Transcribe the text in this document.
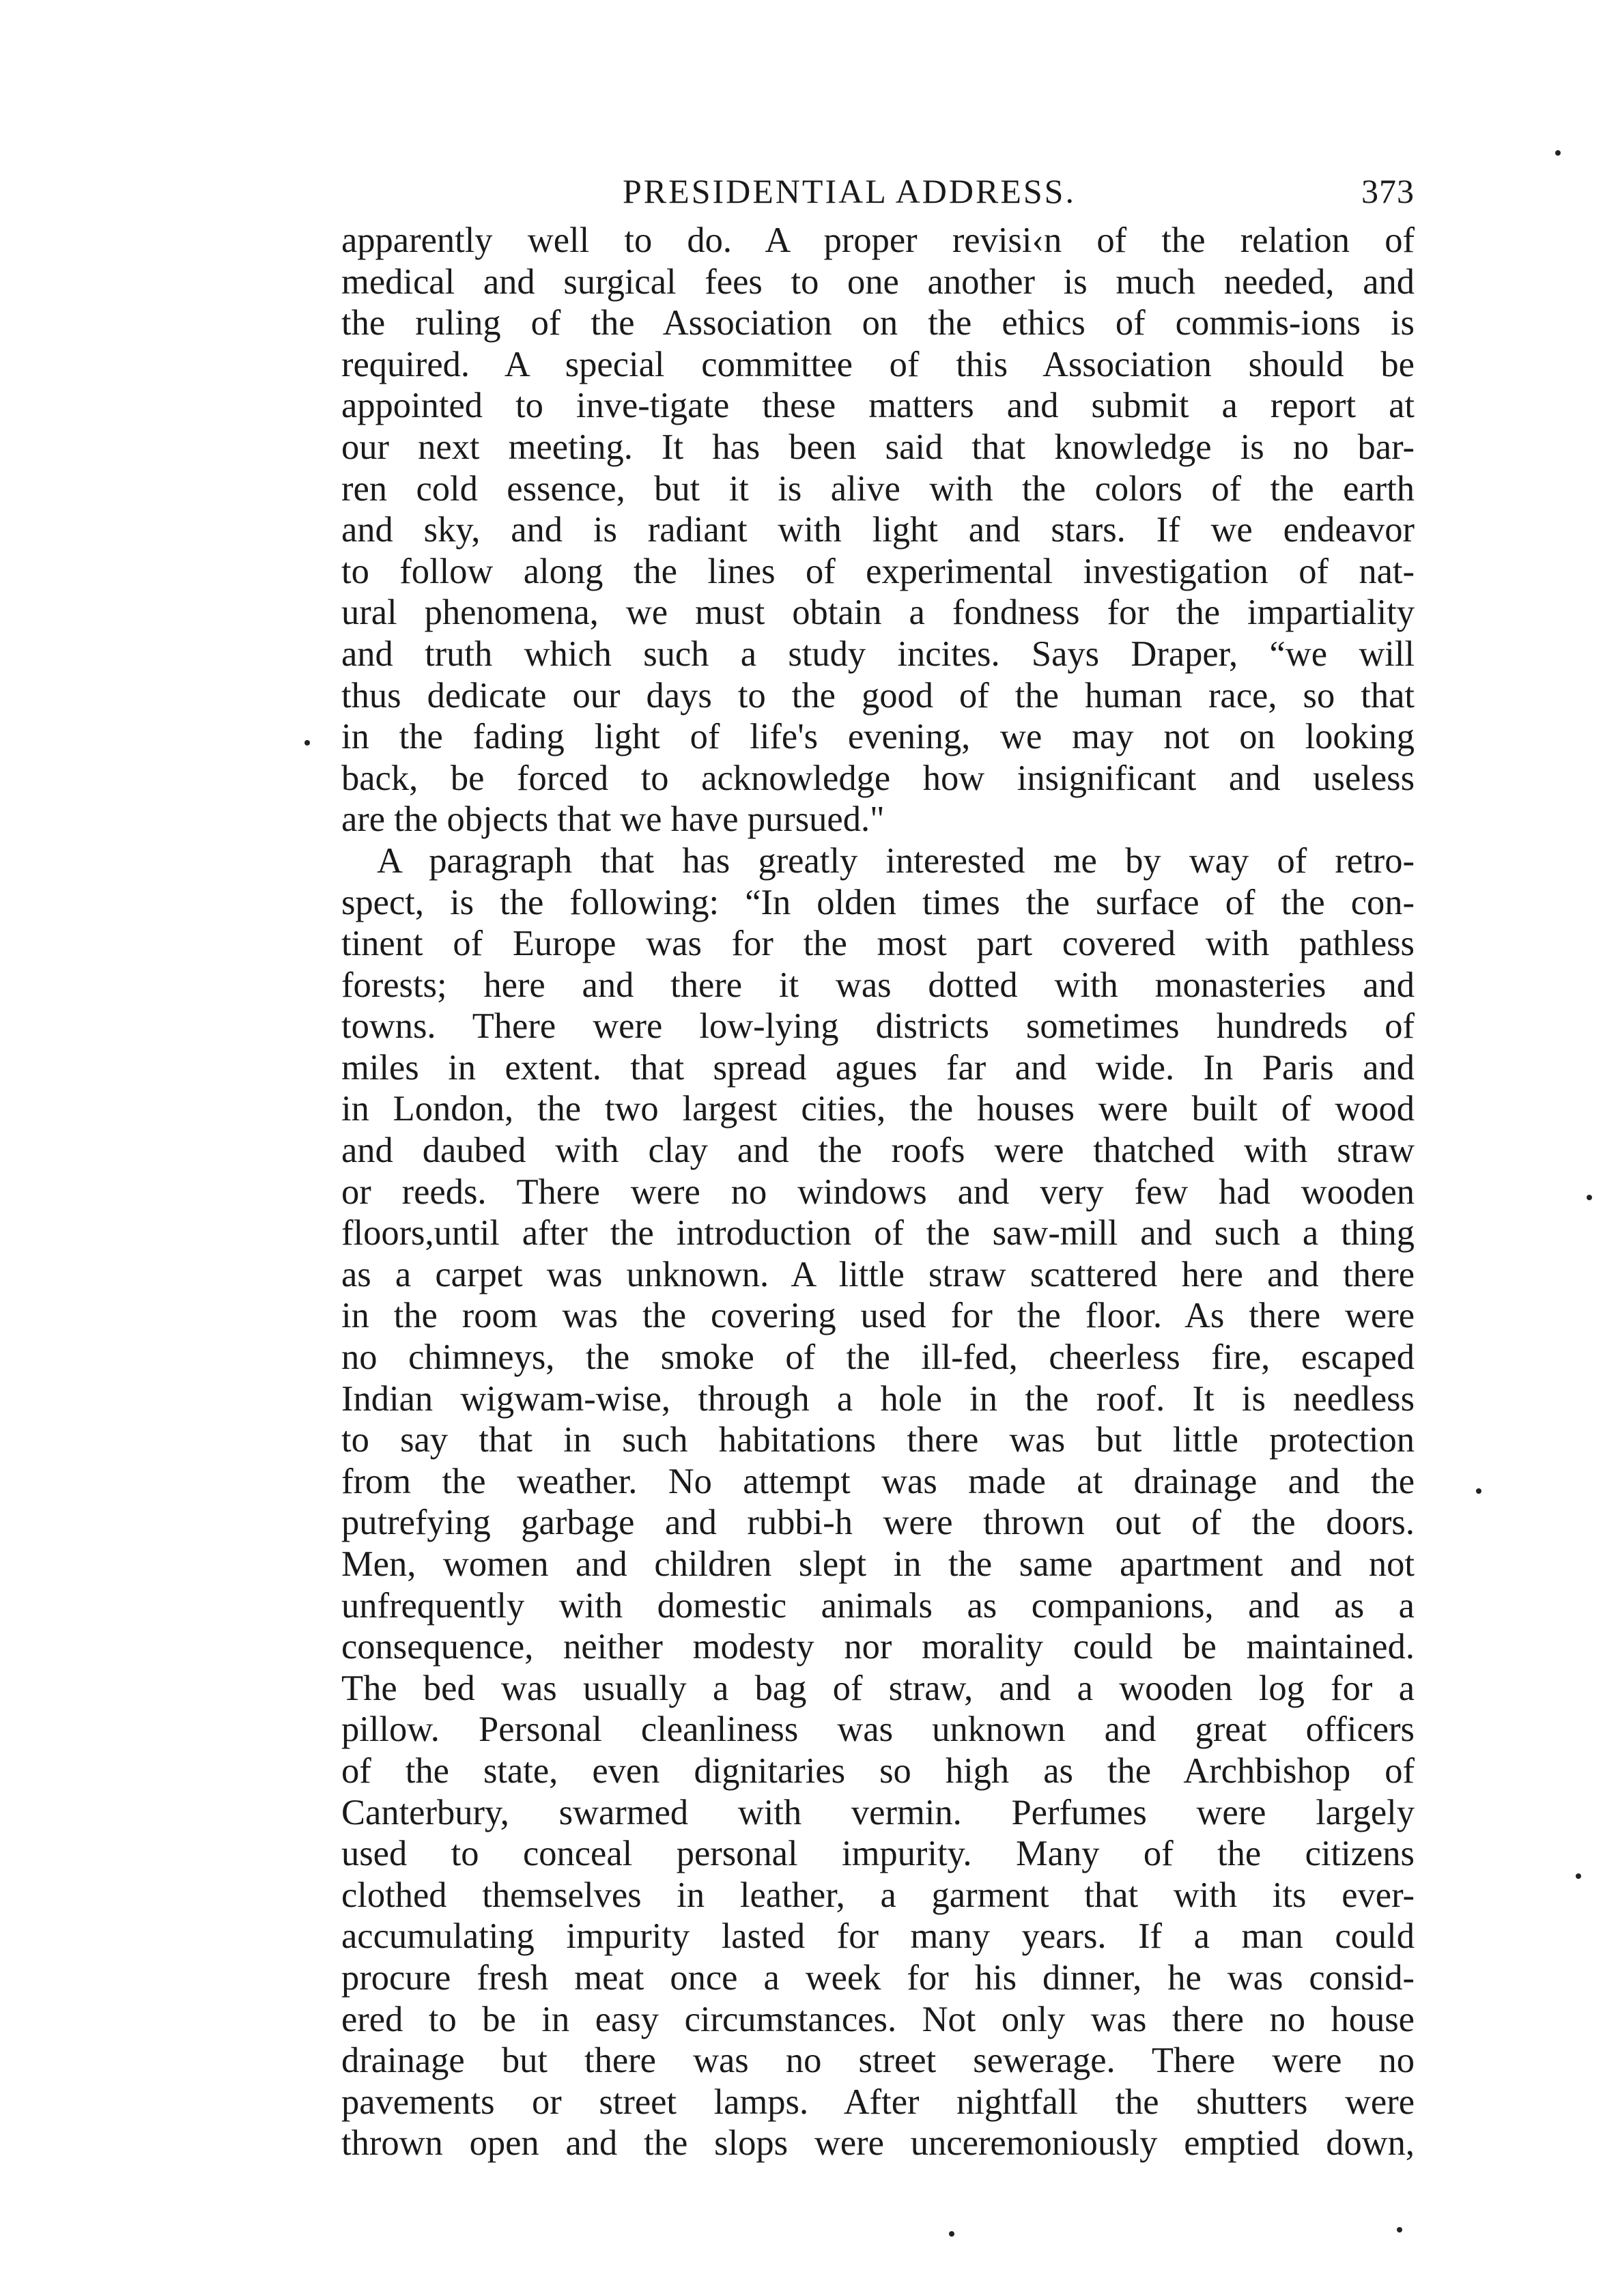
PRESIDENTIAL ADDRESS.	373
apparently well to do. A proper revisi‹n of the relation of
medical and surgical fees to one another is much needed, and
the ruling of the Association on the ethics of commis-ions is
required. A special committee of this Association should be
appointed to inve-tigate these matters and submit a report at
our next meeting. It has been said that knowledge is no bar-
ren cold essence, but it is alive with the colors of the earth
and sky, and is radiant with light and stars. If we endeavor
to follow along the lines of experimental investigation of nat-
ural phenomena, we must obtain a fondness for the impartiality
and truth which such a study incites. Says Draper, “we will
thus dedicate our days to the good of the human race, so that
in the fading light of life's evening, we may not on looking
back, be forced to acknowledge how insignificant and useless
are the objects that we have pursued."
A paragraph that has greatly interested me by way of retro-
spect, is the following: “In olden times the surface of the con-
tinent of Europe was for the most part covered with pathless
forests; here and there it was dotted with monasteries and
towns. There were low-lying districts sometimes hundreds of
miles in extent. that spread agues far and wide. In Paris and
in London, the two largest cities, the houses were built of wood
and daubed with clay and the roofs were thatched with straw
or reeds. There were no windows and very few had wooden
floors,until after the introduction of the saw-mill and such a thing
as a carpet was unknown. A little straw scattered here and there
in the room was the covering used for the floor. As there were
no chimneys, the smoke of the ill-fed, cheerless fire, escaped
Indian wigwam-wise, through a hole in the roof. It is needless
to say that in such habitations there was but little protection
from the weather. No attempt was made at drainage and the
putrefying garbage and rubbi-h were thrown out of the doors.
Men, women and children slept in the same apartment and not
unfrequently with domestic animals as companions, and as a
consequence, neither modesty nor morality could be maintained.
The bed was usually a bag of straw, and a wooden log for a
pillow. Personal cleanliness was unknown and great officers
of the state, even dignitaries so high as the Archbishop of
Canterbury, swarmed with vermin. Perfumes were largely
used to conceal personal impurity. Many of the citizens
clothed themselves in leather, a garment that with its ever-
accumulating impurity lasted for many years. If a man could
procure fresh meat once a week for his dinner, he was consid-
ered to be in easy circumstances. Not only was there no house
drainage but there was no street sewerage. There were no
pavements or street lamps. After nightfall the shutters were
thrown open and the slops were unceremoniously emptied down,
